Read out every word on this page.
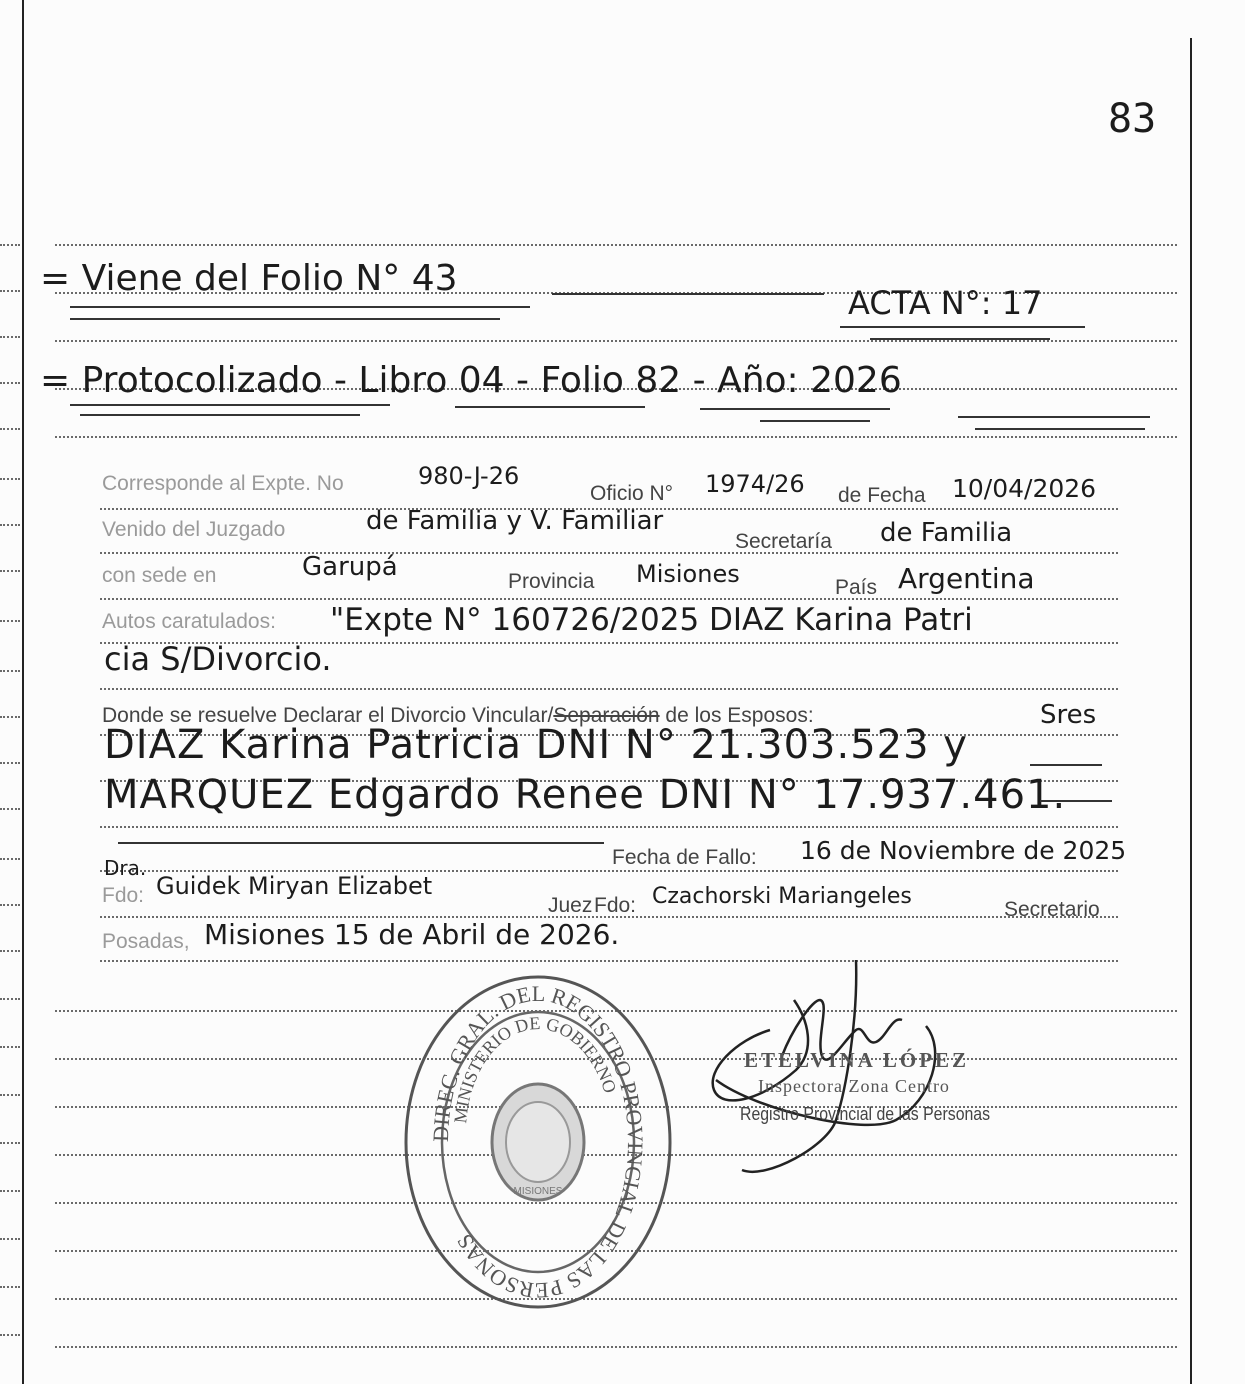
83
= Viene del Folio N° 43
ACTA N°: 17
= Protocolizado - Libro 04 - Folio 82 - Año: 2026
Corresponde al Expte. No	980-J-26
Oficio N° 1974/26 de Fecha 10/04/2026
Venido del Juzgado	de Familia y V. Familiar
Secretaría de Familia
con sede en	Garupá	Provincia Misiones	País Argentina
Autos caratulados: "Expte N° 160726/2025 DIAZ Karina Patri
cia S/Divorcio.
Donde se resuelve Declarar el Divorcio Vincular/Separación de los Esposos:	Sres
DIAZ Karina Patricia DNI N° 21.303.523 y
MARQUEZ Edgardo Renee DNI N° 17.937.461.
Fecha de Fallo: 16 de Noviembre de 2025
Dra.
Fdo: Guidek Miryan Elizabet
Juez Fdo: Czachorski Mariangeles
Secretario
Posadas, Misiones 15 de Abril de 2026.
DIREC. GRAL. DEL REGISTRO PROVINCIAL DE LAS PERSONAS
MINISTERIO DE GOBIERNO
MISIONES
ETELVINA LÓPEZ
Inspectora Zona Centro
Registro Provincial de las Personas
